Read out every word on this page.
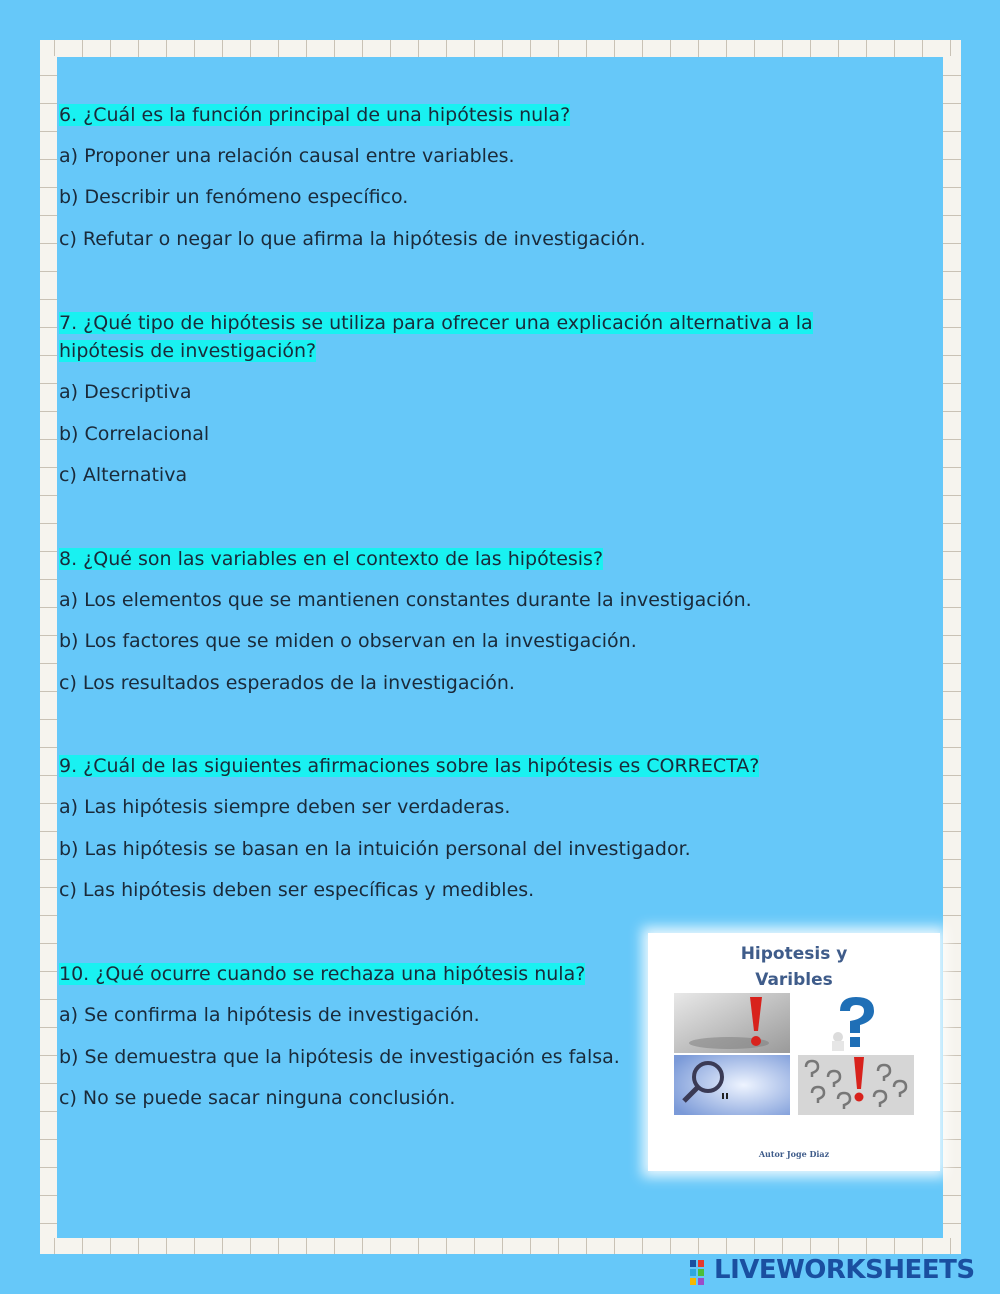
6. ¿Cuál es la función principal de una hipótesis nula?
a) Proponer una relación causal entre variables.
b) Describir un fenómeno específico.
c) Refutar o negar lo que afirma la hipótesis de investigación.
7. ¿Qué tipo de hipótesis se utiliza para ofrecer una explicación alternativa a la hipótesis de investigación?
a) Descriptiva
b) Correlacional
c) Alternativa
8. ¿Qué son las variables en el contexto de las hipótesis?
a) Los elementos que se mantienen constantes durante la investigación.
b) Los factores que se miden o observan en la investigación.
c) Los resultados esperados de la investigación.
9. ¿Cuál de las siguientes afirmaciones sobre las hipótesis es CORRECTA?
a) Las hipótesis siempre deben ser verdaderas.
b) Las hipótesis se basan en la intuición personal del investigador.
c) Las hipótesis deben ser específicas y medibles.
10. ¿Qué ocurre cuando se rechaza una hipótesis nula?
a) Se confirma la hipótesis de investigación.
b) Se demuestra que la hipótesis de investigación es falsa.
c) No se puede sacar ninguna conclusión.
Hipotesis y
Varibles
Autor Joge Diaz
LIVEWORKSHEETS
